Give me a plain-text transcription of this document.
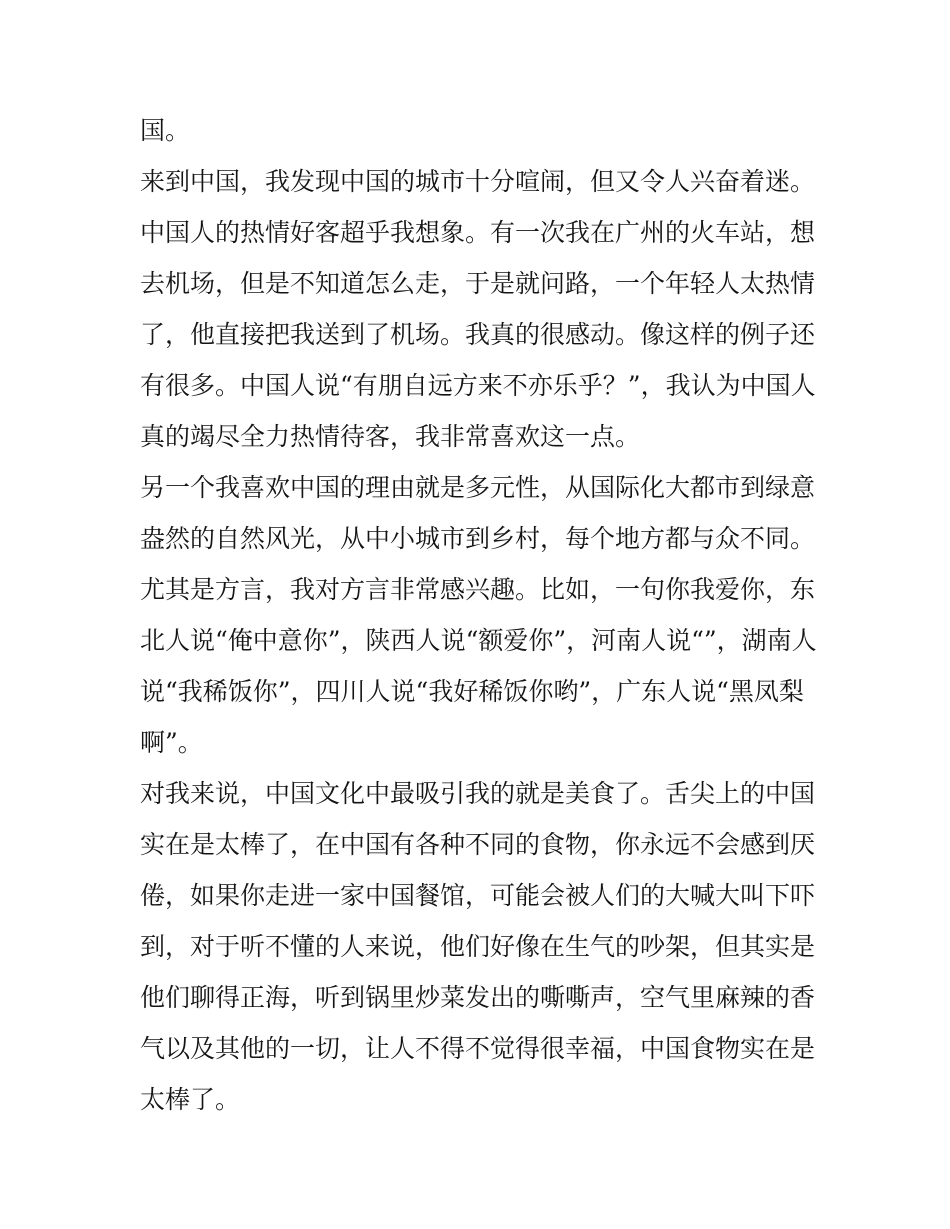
国。
来到中国，我发现中国的城市十分喧闹，但又令人兴奋着迷。
中国人的热情好客超乎我想象。有一次我在广州的火车站，想
去机场，但是不知道怎么走，于是就问路，一个年轻人太热情
了，他直接把我送到了机场。我真的很感动。像这样的例子还
有很多。中国人说“有朋自远方来不亦乐乎？”，我认为中国人
真的竭尽全力热情待客，我非常喜欢这一点。
另一个我喜欢中国的理由就是多元性，从国际化大都市到绿意
盎然的自然风光，从中小城市到乡村，每个地方都与众不同。
尤其是方言，我对方言非常感兴趣。比如，一句你我爱你，东
北人说“俺中意你”，陕西人说“额爱你”，河南人说“”，湖南人
说“我稀饭你”，四川人说“我好稀饭你哟”，广东人说“黑凤梨
啊”。
对我来说，中国文化中最吸引我的就是美食了。舌尖上的中国
实在是太棒了，在中国有各种不同的食物，你永远不会感到厌
倦，如果你走进一家中国餐馆，可能会被人们的大喊大叫下吓
到，对于听不懂的人来说，他们好像在生气的吵架，但其实是
他们聊得正海，听到锅里炒菜发出的嘶嘶声，空气里麻辣的香
气以及其他的一切，让人不得不觉得很幸福，中国食物实在是
太棒了。
